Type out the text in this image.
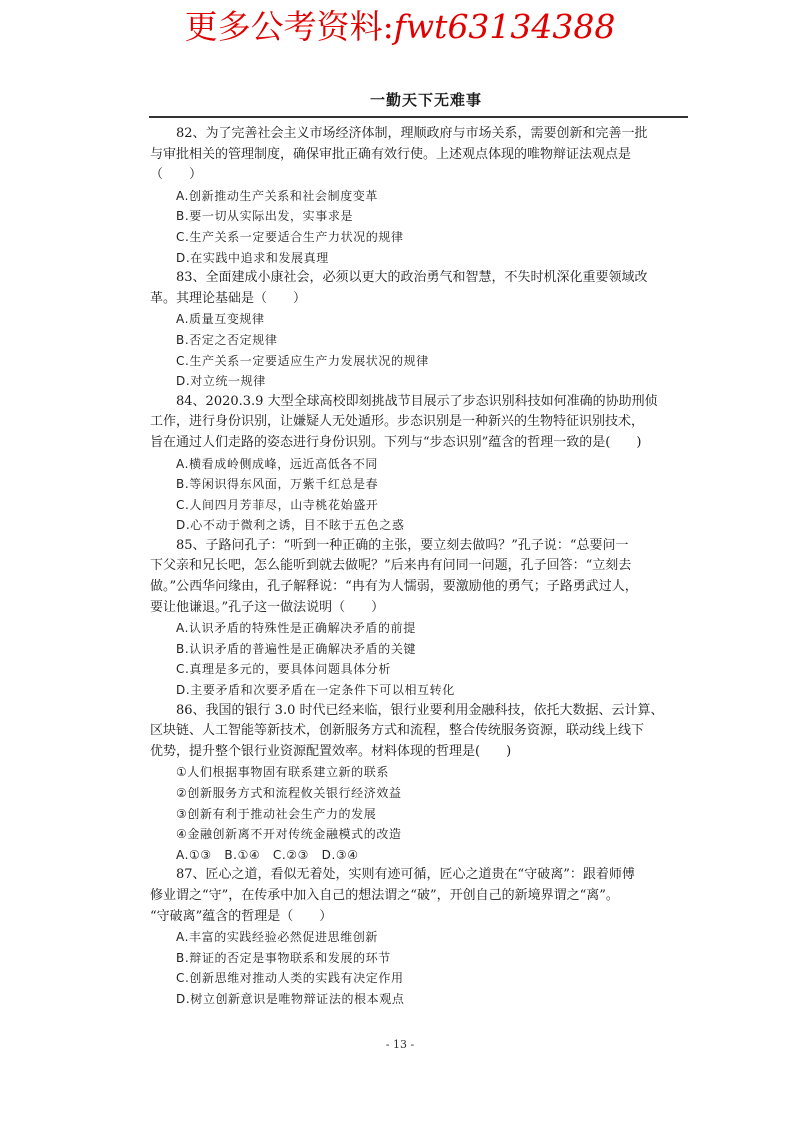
更多公考资料:fwt63134388
一勤天下无难事
82、为了完善社会主义市场经济体制，理顺政府与市场关系，需要创新和完善一批
与审批相关的管理制度，确保审批正确有效行使。上述观点体现的唯物辩证法观点是
（　　）
A.创新推动生产关系和社会制度变革
B.要一切从实际出发，实事求是
C.生产关系一定要适合生产力状况的规律
D.在实践中追求和发展真理
83、全面建成小康社会，必须以更大的政治勇气和智慧，不失时机深化重要领域改
革。其理论基础是（　　）
A.质量互变规律
B.否定之否定规律
C.生产关系一定要适应生产力发展状况的规律
D.对立统一规律
84、2020.3.9 大型全球高校即刻挑战节目展示了步态识别科技如何准确的协助刑侦
工作，进行身份识别，让嫌疑人无处遁形。步态识别是一种新兴的生物特征识别技术，
旨在通过人们走路的姿态进行身份识别。下列与“步态识别”蕴含的哲理一致的是(　　)
A.横看成岭侧成峰，远近高低各不同
B.等闲识得东风面，万紫千红总是春
C.人间四月芳菲尽，山寺桃花始盛开
D.心不动于微利之诱，目不眩于五色之惑
85、子路问孔子：“听到一种正确的主张，要立刻去做吗？”孔子说：“总要问一
下父亲和兄长吧，怎么能听到就去做呢？”后来冉有问同一问题，孔子回答：“立刻去
做。”公西华问缘由，孔子解释说：“冉有为人懦弱，要激励他的勇气；子路勇武过人，
要让他谦退。”孔子这一做法说明（　　）
A.认识矛盾的特殊性是正确解决矛盾的前提
B.认识矛盾的普遍性是正确解决矛盾的关键
C.真理是多元的，要具体问题具体分析
D.主要矛盾和次要矛盾在一定条件下可以相互转化
86、我国的银行 3.0 时代已经来临，银行业要利用金融科技，依托大数据、云计算、
区块链、人工智能等新技术，创新服务方式和流程，整合传统服务资源，联动线上线下
优势，提升整个银行业资源配置效率。材料体现的哲理是(　　)
①人们根据事物固有联系建立新的联系
②创新服务方式和流程攸关银行经济效益
③创新有利于推动社会生产力的发展
④金融创新离不开对传统金融模式的改造
A.①③　B.①④　C.②③　D.③④
87、匠心之道，看似无着处，实则有迹可循，匠心之道贵在“守破离”：跟着师傅
修业谓之“守”，在传承中加入自己的想法谓之“破”，开创自己的新境界谓之“离”。
“守破离”蕴含的哲理是（　　）
A.丰富的实践经验必然促进思维创新
B.辩证的否定是事物联系和发展的环节
C.创新思维对推动人类的实践有决定作用
D.树立创新意识是唯物辩证法的根本观点
- 13 -
